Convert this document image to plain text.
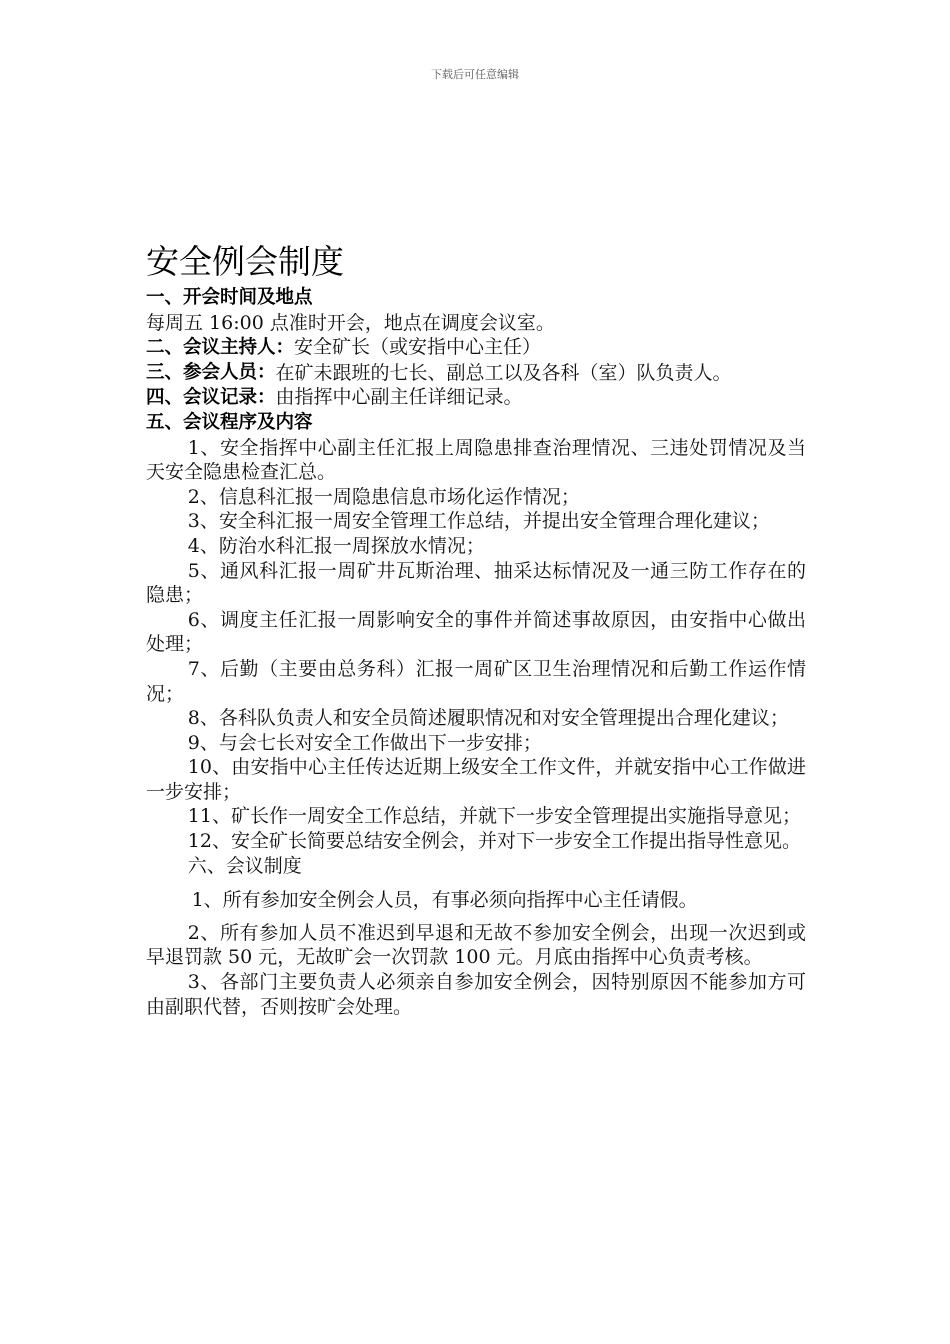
下载后可任意编辑
安全例会制度
一、开会时间及地点
每周五 16:00 点准时开会，地点在调度会议室。
二、会议主持人：安全矿长（或安指中心主任）
三、参会人员： 在矿未跟班的七长、副总工以及各科（室）队负责人。
四、会议记录：由指挥中心副主任详细记录。
五、会议程序及内容
1、安全指挥中心副主任汇报上周隐患排查治理情况、三违处罚情况及当天安全隐患检查汇总。
2、信息科汇报一周隐患信息市场化运作情况；
3、安全科汇报一周安全管理工作总结，并提出安全管理合理化建议；
4、防治水科汇报一周探放水情况；
5、通风科汇报一周矿井瓦斯治理、抽采达标情况及一通三防工作存在的隐患；
6、调度主任汇报一周影响安全的事件并简述事故原因，由安指中心做出处理；
7、后勤（主要由总务科）汇报一周矿区卫生治理情况和后勤工作运作情况；
8、各科队负责人和安全员简述履职情况和对安全管理提出合理化建议；
9、与会七长对安全工作做出下一步安排；
10、由安指中心主任传达近期上级安全工作文件，并就安指中心工作做进一步安排；
11、矿长作一周安全工作总结，并就下一步安全管理提出实施指导意见；
12、安全矿长简要总结安全例会，并对下一步安全工作提出指导性意见。
六、会议制度
1、所有参加安全例会人员，有事必须向指挥中心主任请假。
2、所有参加人员不准迟到早退和无故不参加安全例会，出现一次迟到或早退罚款 50 元，无故旷会一次罚款 100 元。月底由指挥中心负责考核。
3、各部门主要负责人必须亲自参加安全例会，因特别原因不能参加方可由副职代替，否则按旷会处理。
